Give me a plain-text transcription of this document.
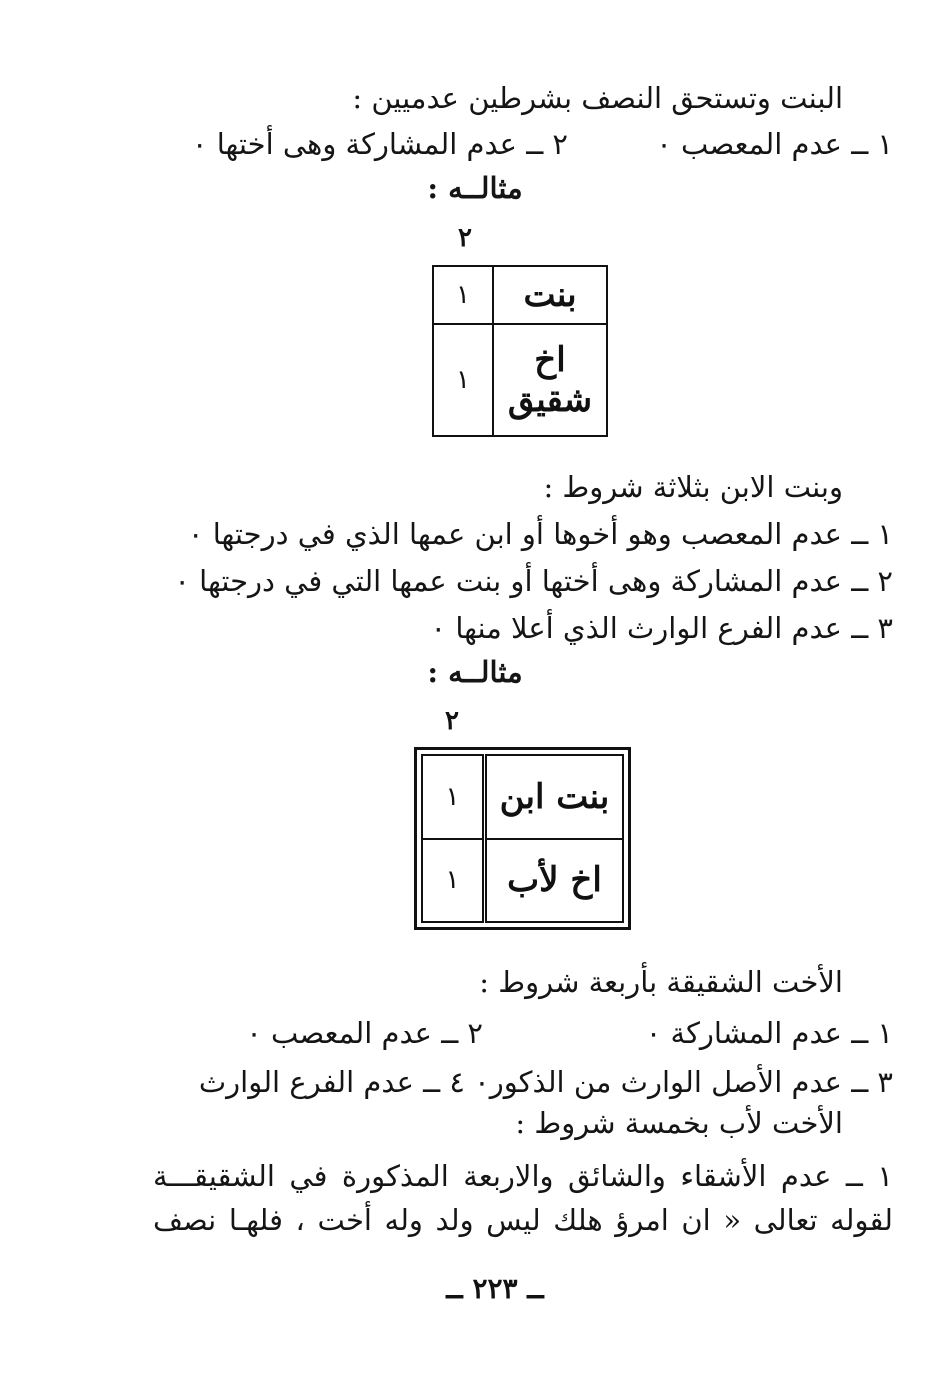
البنت وتستحق النصف بشرطين عدميين :
٢ ــ عدم المشاركة وهى أختها ٠	١ ــ عدم المعصب ٠
مثالــه :
٢
بنت	١
اخ شقيق	١
وبنت الابن بثلاثة شروط :
١ ــ عدم المعصب وهو أخوها أو ابن عمها الذي في درجتها ٠
٢ ــ عدم المشاركة وهى أختها أو بنت عمها التي في درجتها ٠
٣ ــ عدم الفرع الوارث الذي أعلا منها ٠
مثالــه :
٢
بنت ابن	١
اخ لأب	١
الأخت الشقيقة بأربعة شروط :
١ ــ عدم المشاركة ٠
٢ ــ عدم المعصب ٠
٣ ــ عدم الأصل الوارث من الذكور٠ ٤ ــ عدم الفرع الوارث
الأخت لأب بخمسة شروط :
١ ــ عدم الأشقاء والشائق والاربعة المذكورة في الشقيقـــة
لقوله تعالى « ان امرؤ هلك ليس ولد وله أخت ، فلهـا نصف
ــ ٢٢٣ ــ
